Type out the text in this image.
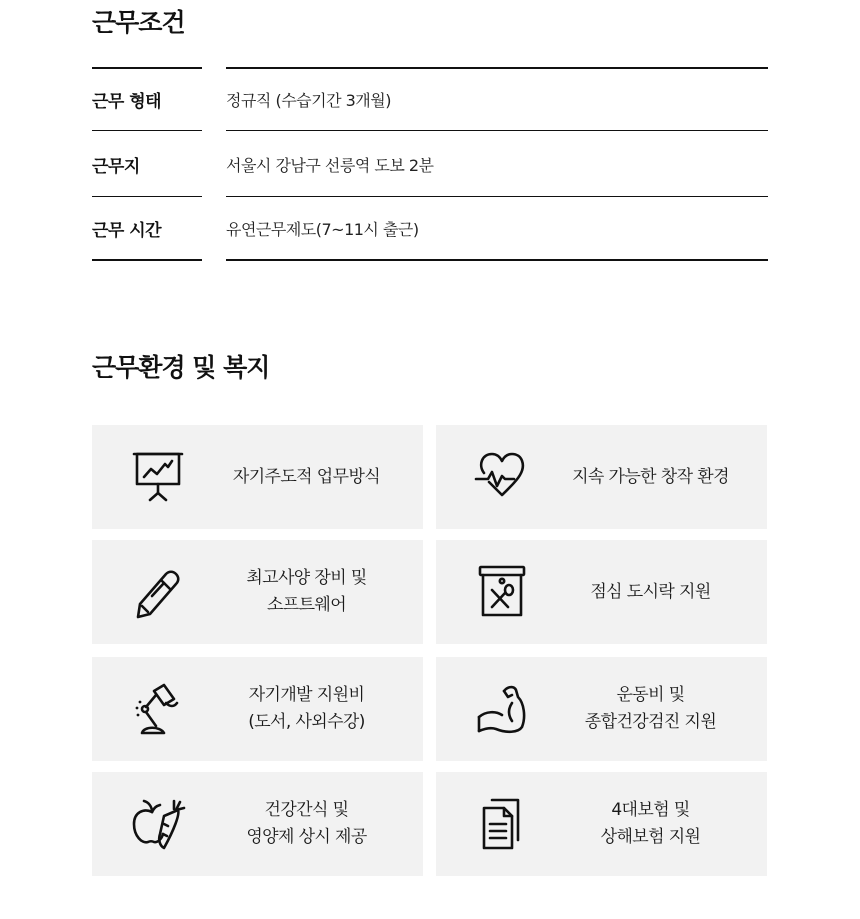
근무조건
근무 형태	정규직 (수습기간 3개월)
근무지	서울시 강남구 선릉역 도보 2분
근무 시간	유연근무제도(7~11시 출근)
근무환경 및 복지
자기주도적 업무방식	지속 가능한 창작 환경
최고사양 장비 및
소프트웨어
점심 도시락 지원
자기개발 지원비
(도서, 사외수강)
운동비 및
종합건강검진 지원
건강간식 및
영양제 상시 제공
4대보험 및
상해보험 지원
